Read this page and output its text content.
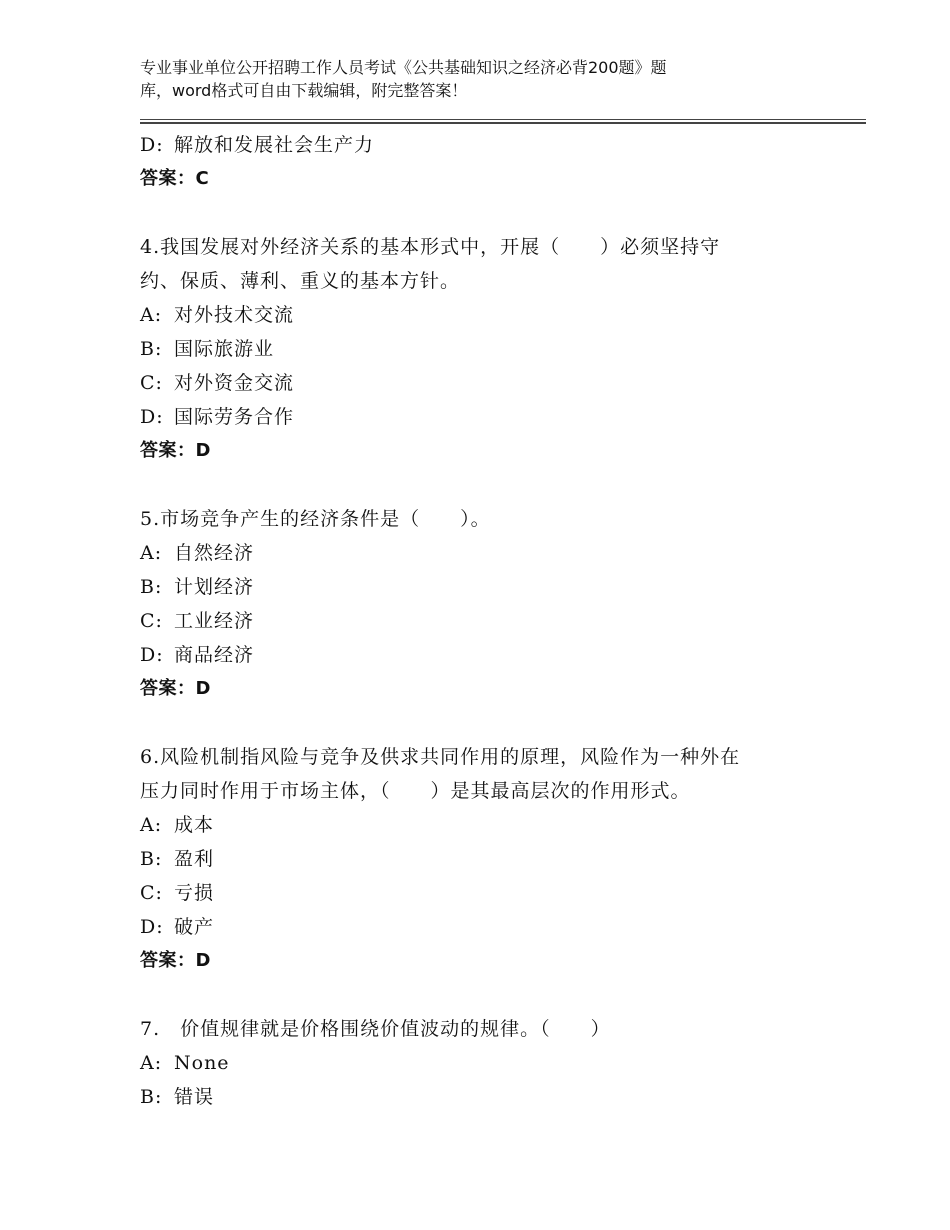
专业事业单位公开招聘工作人员考试《公共基础知识之经济必背200题》题
库，word格式可自由下载编辑，附完整答案！
D: 解放和发展社会生产力
答案：C
4.我国发展对外经济关系的基本形式中，开展（　　）必须坚持守
约、保质、薄利、重义的基本方针。
A: 对外技术交流
B: 国际旅游业
C: 对外资金交流
D: 国际劳务合作
答案：D
5.市场竞争产生的经济条件是（　　）。
A: 自然经济
B: 计划经济
C: 工业经济
D: 商品经济
答案：D
6.风险机制指风险与竞争及供求共同作用的原理，风险作为一种外在
压力同时作用于市场主体，（　　）是其最高层次的作用形式。
A: 成本
B: 盈利
C: 亏损
D: 破产
答案：D
7.　价值规律就是价格围绕价值波动的规律。（　　）
A: None
B: 错误
